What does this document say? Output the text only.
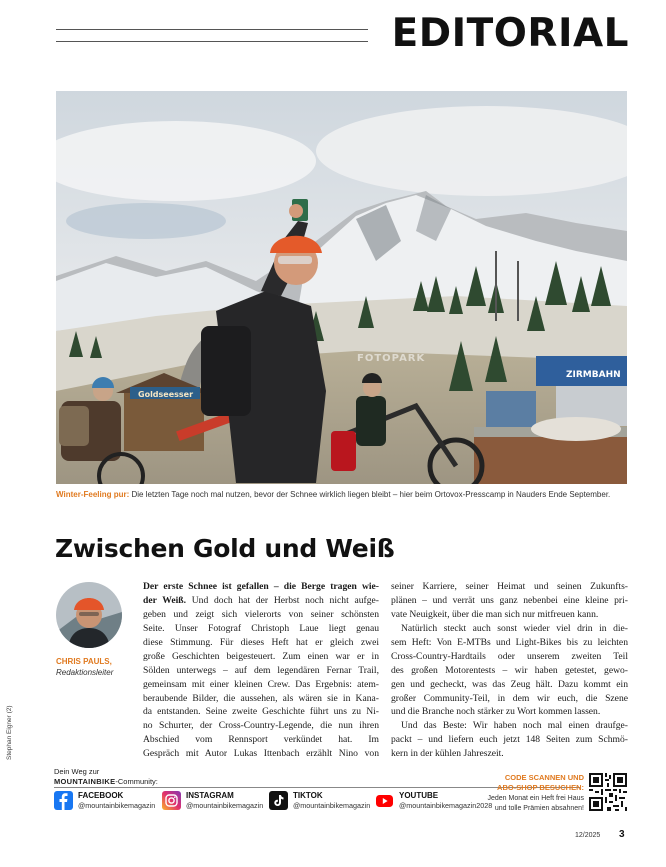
EDITORIAL
FOTOPARK
Goldseesser
ZIRMBAHN
Winter-Feeling pur: Die letzten Tage noch mal nutzen, bevor der Schnee wirklich liegen bleibt – hier beim Ortovox-Presscamp in Nauders Ende September.
Zwischen Gold und Weiß
CHRIS PAULS,
Redaktionsleiter
Der erste Schnee ist gefallen – die Berge tragen wie-
der Weiß. Und doch hat der Herbst noch nicht aufge-
geben und zeigt sich vielerorts von seiner schönsten
Seite. Unser Fotograf Christoph Laue liegt genau
diese Stimmung. Für dieses Heft hat er gleich zwei
große Geschichten beigesteuert. Zum einen war er in
Sölden unterwegs – auf dem legendären Fernar Trail,
gemeinsam mit einer kleinen Crew. Das Ergebnis: atem-
beraubende Bilder, die aussehen, als wären sie in Kana-
da entstanden. Seine zweite Geschichte führt uns zu Ni-
no Schurter, der Cross-Country-Legende, die nun ihren
Abschied vom Rennsport verkündet hat. Im
Gespräch mit Autor Lukas Ittenbach erzählt Nino von
seiner Karriere, seiner Heimat und seinen Zukunfts-
plänen – und verrät uns ganz nebenbei eine kleine pri-
vate Neuigkeit, über die man sich nur mitfreuen kann.
Natürlich steckt auch sonst wieder viel drin in die-
sem Heft: Von E-MTBs und Light-Bikes bis zu leichten
Cross-Country-Hardtails oder unserem zweiten Teil
des großen Motorentests – wir haben getestet, gewo-
gen und gecheckt, was das Zeug hält. Dazu kommt ein
großer Community-Teil, in dem wir euch, die Szene
und die Branche noch stärker zu Wort kommen lassen.
Und das Beste: Wir haben noch mal einen draufge-
packt – und liefern euch jetzt 148 Seiten zum Schmö-
kern in der kühlen Jahreszeit.
Stephan Eigner (2)
Dein Weg zur
MOUNTAINBIKE-Community:
FACEBOOK
@mountainbikemagazin
INSTAGRAM
@mountainbikemagazin
TIKTOK
@mountainbikemagazin
YOUTUBE
@mountainbikemagazin2028
CODE SCANNEN UND ABO-SHOP BESUCHEN:
Jeden Monat ein Heft frei Haus
und tolle Prämien absahnen!
12/2025 3
